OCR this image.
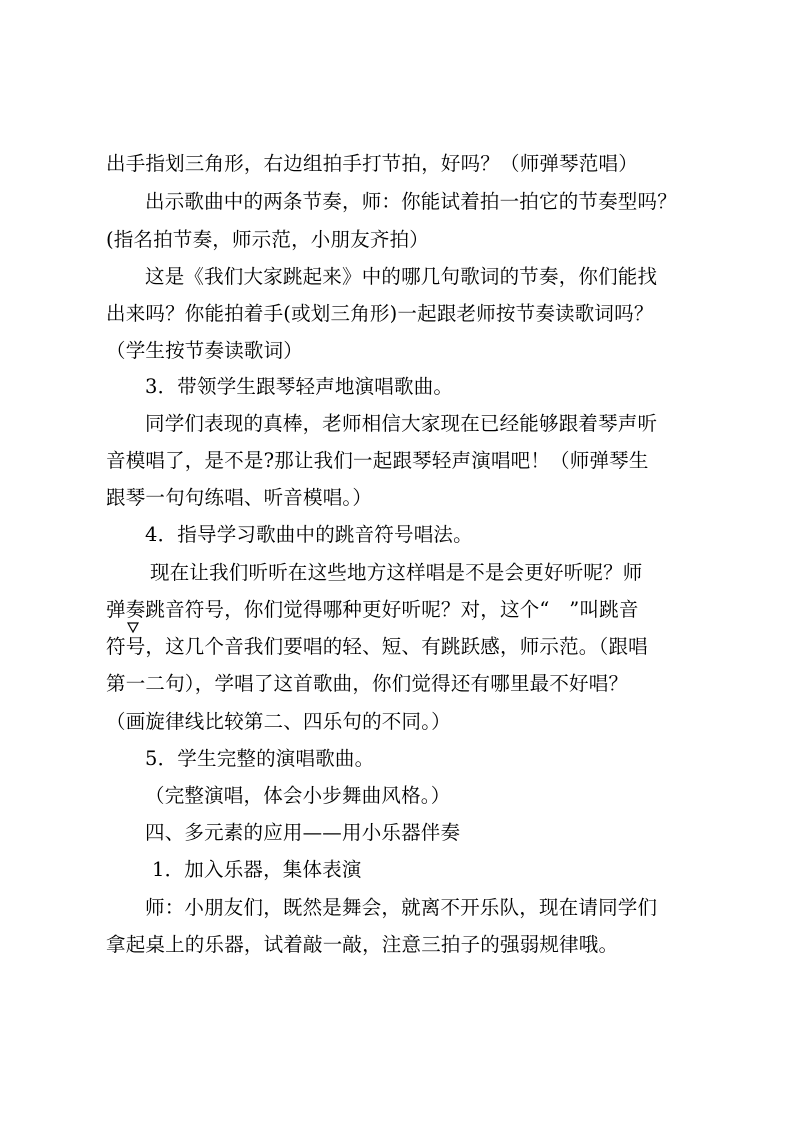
出手指划三角形，右边组拍手打节拍，好吗？（师弹琴范唱）
出示歌曲中的两条节奏，师：你能试着拍一拍它的节奏型吗？
(指名拍节奏，师示范，小朋友齐拍）
这是《我们大家跳起来》中的哪几句歌词的节奏，你们能找
出来吗？你能拍着手(或划三角形)一起跟老师按节奏读歌词吗？
（学生按节奏读歌词）
3．带领学生跟琴轻声地演唱歌曲。
同学们表现的真棒，老师相信大家现在已经能够跟着琴声听
音模唱了，是不是?那让我们一起跟琴轻声演唱吧！（师弹琴生
跟琴一句句练唱、听音模唱。）
4．指导学习歌曲中的跳音符号唱法。
现在让我们听听在这些地方这样唱是不是会更好听呢？师
弹奏跳音符号，你们觉得哪种更好听呢？对，这个“　”叫跳音
符号，这几个音我们要唱的轻、短、有跳跃感，师示范。（跟唱
第一二句），学唱了这首歌曲，你们觉得还有哪里最不好唱？
（画旋律线比较第二、四乐句的不同。）
5．学生完整的演唱歌曲。
（完整演唱，体会小步舞曲风格。）
四、多元素的应用——用小乐器伴奏
1．加入乐器，集体表演
师：小朋友们，既然是舞会，就离不开乐队，现在请同学们
拿起桌上的乐器，试着敲一敲，注意三拍子的强弱规律哦。
